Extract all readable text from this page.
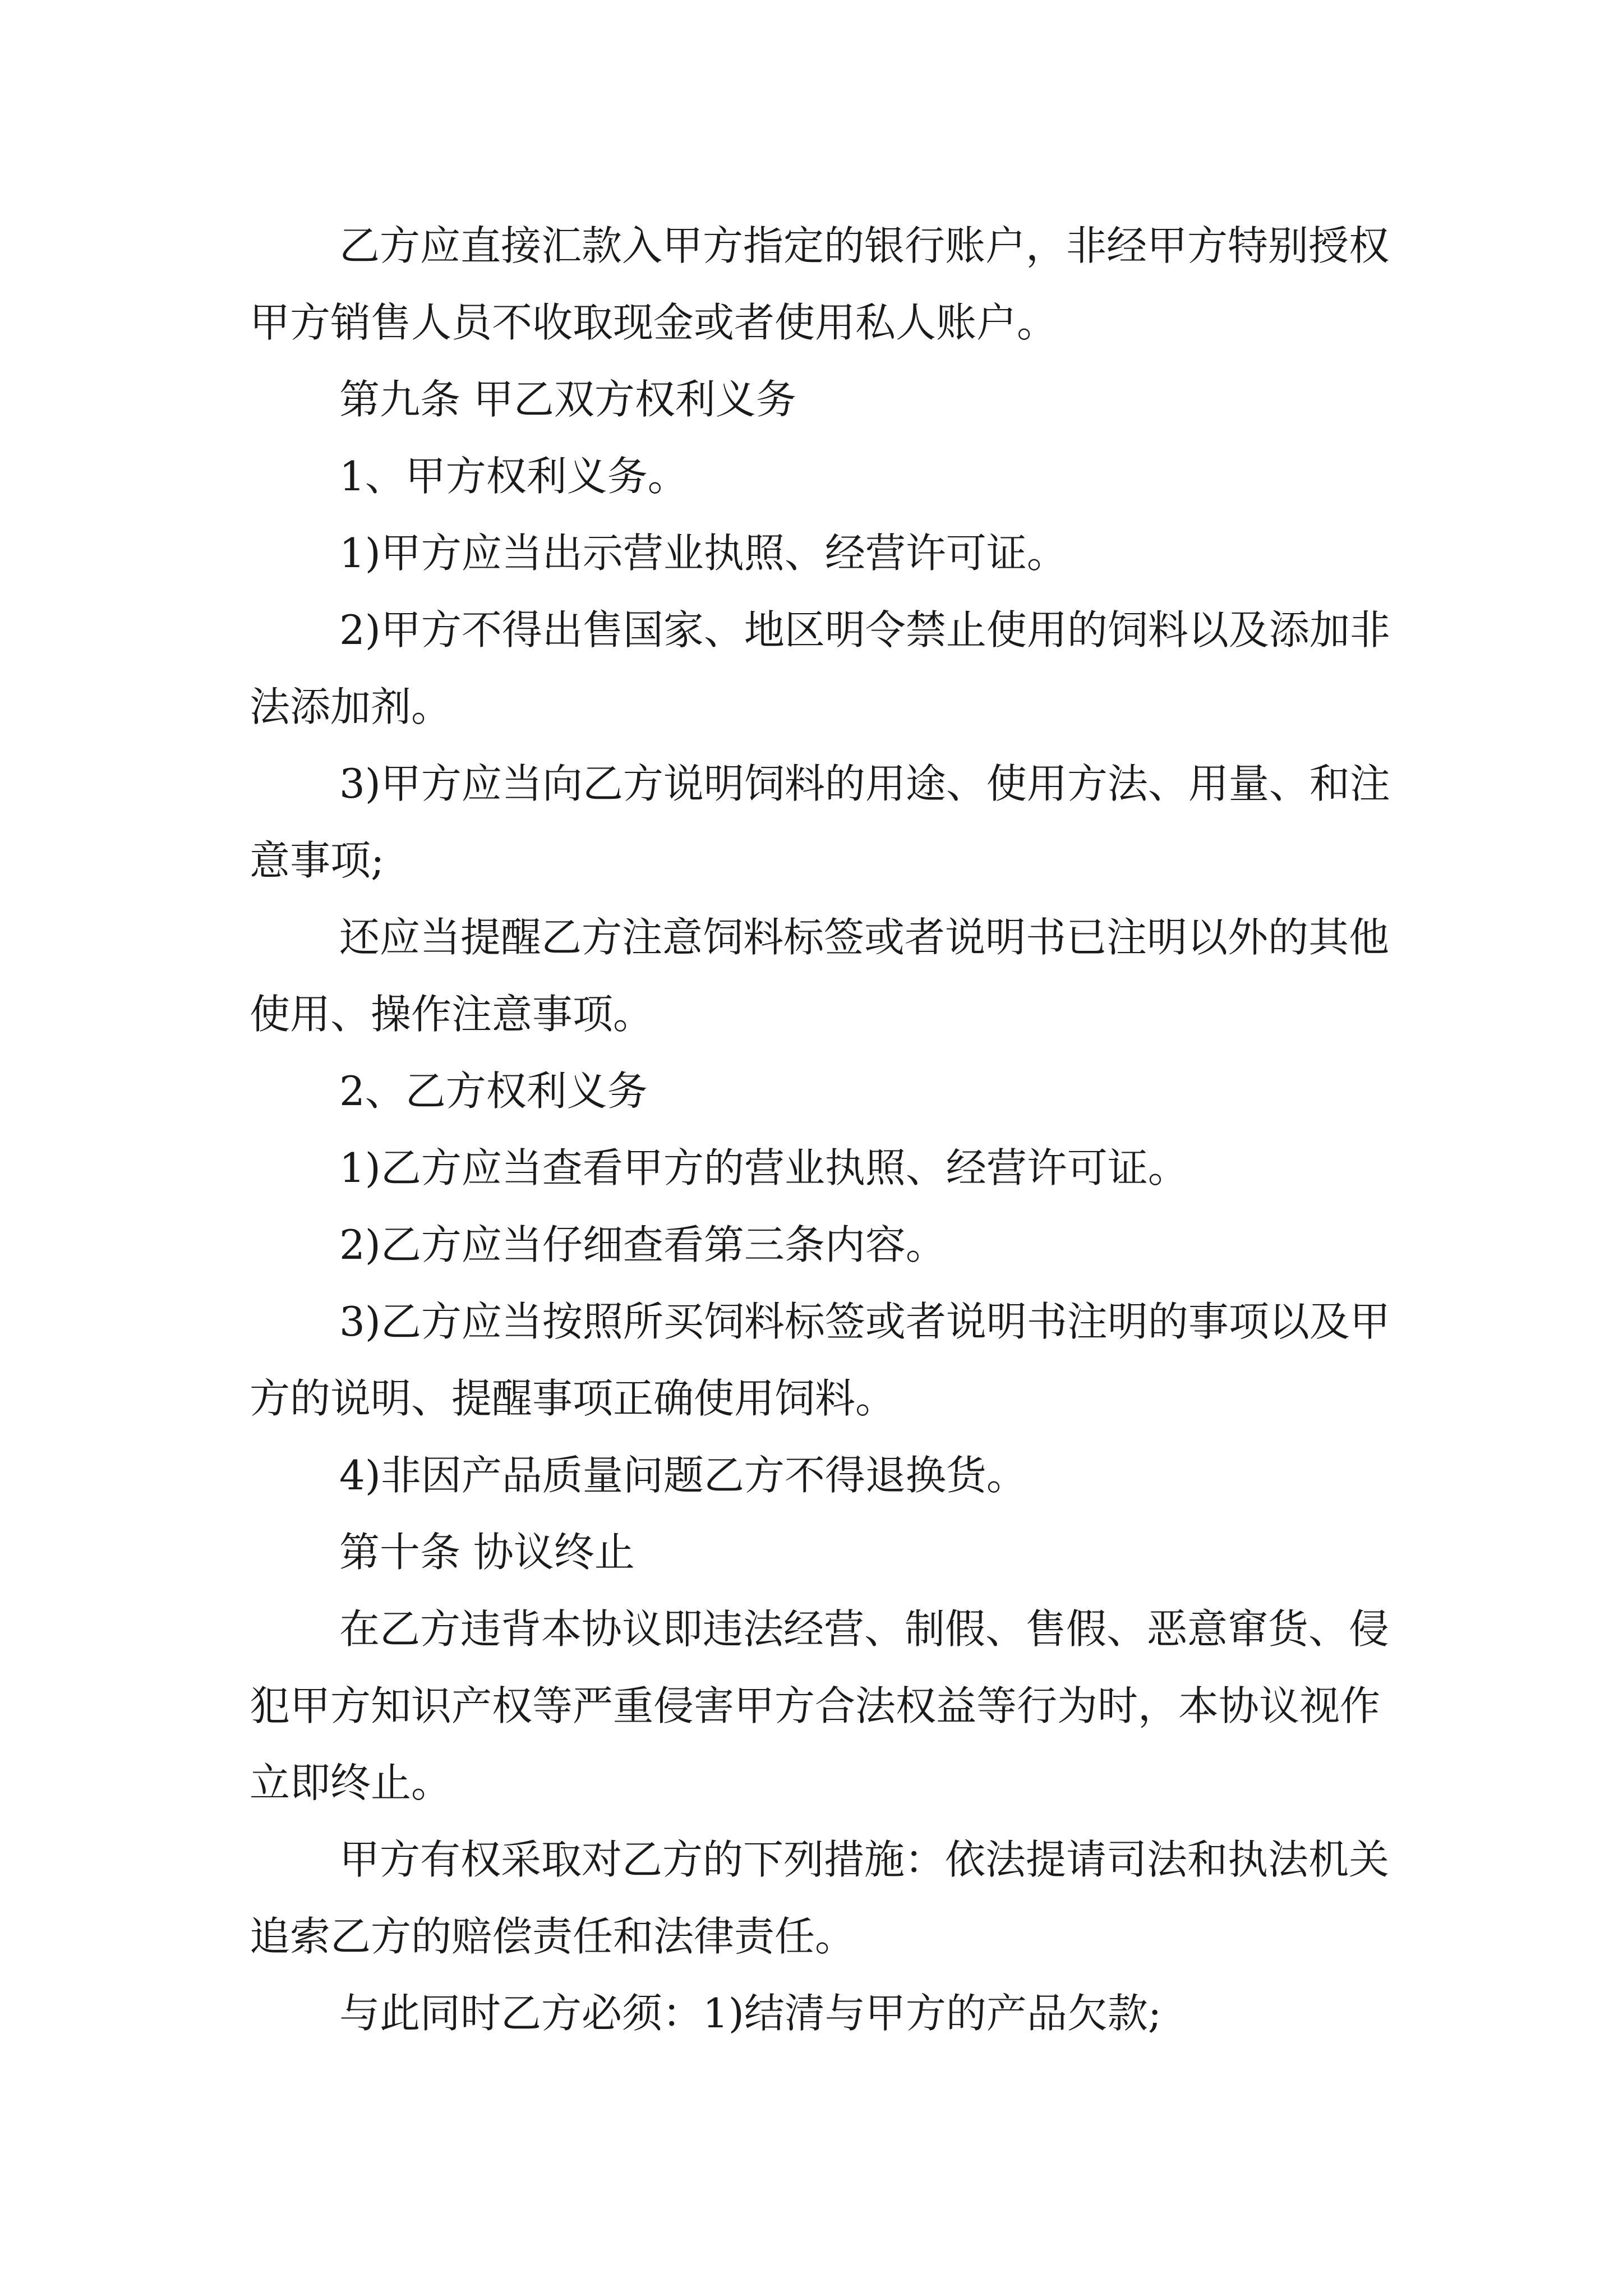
乙方应直接汇款入甲方指定的银行账户，非经甲方特别授权甲方销售人员不收取现金或者使用私人账户。

第九条 甲乙双方权利义务

1、甲方权利义务。

1)甲方应当出示营业执照、经营许可证。

2)甲方不得出售国家、地区明令禁止使用的饲料以及添加非法添加剂。

3)甲方应当向乙方说明饲料的用途、使用方法、用量、和注意事项;

还应当提醒乙方注意饲料标签或者说明书已注明以外的其他使用、操作注意事项。

2、乙方权利义务

1)乙方应当查看甲方的营业执照、经营许可证。

2)乙方应当仔细查看第三条内容。

3)乙方应当按照所买饲料标签或者说明书注明的事项以及甲方的说明、提醒事项正确使用饲料。

4)非因产品质量问题乙方不得退换货。

第十条 协议终止

在乙方违背本协议即违法经营、制假、售假、恶意窜货、侵犯甲方知识产权等严重侵害甲方合法权益等行为时，本协议视作立即终止。

甲方有权采取对乙方的下列措施：依法提请司法和执法机关追索乙方的赔偿责任和法律责任。

与此同时乙方必须：1)结清与甲方的产品欠款;
